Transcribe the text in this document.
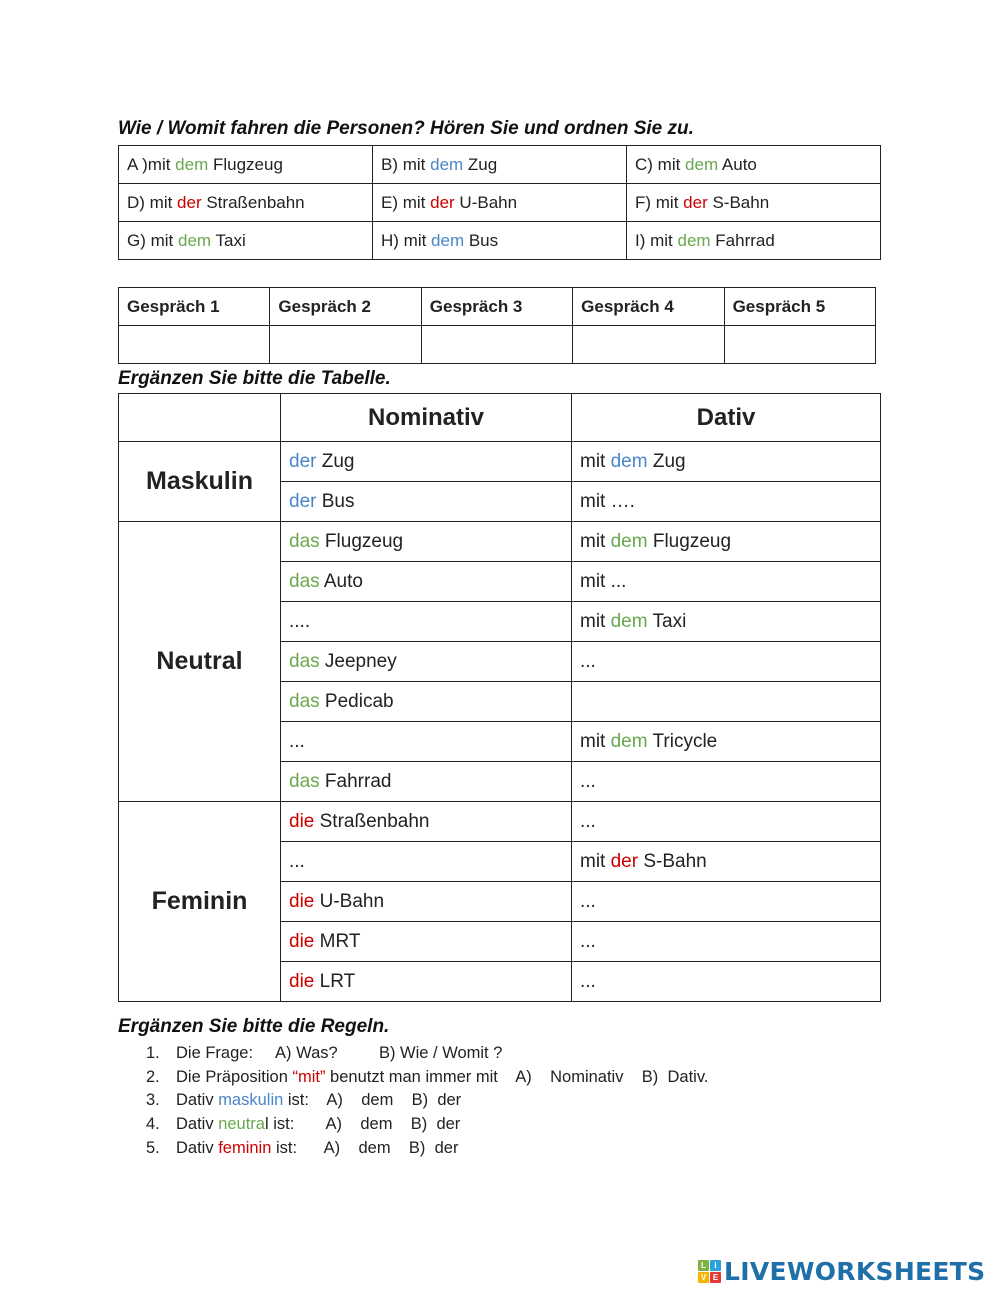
Wie / Womit fahren die Personen? Hören Sie und ordnen Sie zu.
A )mit dem Flugzeug	B) mit dem Zug	C) mit dem Auto
D) mit der Straßenbahn	E) mit der U-Bahn	F) mit der S-Bahn
G) mit dem Taxi	H) mit dem Bus	I) mit dem Fahrrad
Gespräch 1	Gespräch 2	Gespräch 3	Gespräch 4	Gespräch 5

Ergänzen Sie bitte die Tabelle.
	Nominativ	Dativ
Maskulin	der Zug	mit dem Zug
	der Bus	mit ….
Neutral	das Flugzeug	mit dem Flugzeug
	das Auto	mit ...
	....	mit dem Taxi
	das Jeepney	...
	das Pedicab	
	...	mit dem Tricycle
	das Fahrrad	...
Feminin	die Straßenbahn	...
	...	mit der S-Bahn
	die U-Bahn	...
	die MRT	...
	die LRT	...
Ergänzen Sie bitte die Regeln.
1. Die Frage:     A) Was?         B) Wie / Womit ?
2. Die Präposition “mit” benutzt man immer mit    A)    Nominativ    B)  Dativ.
3. Dativ maskulin ist:    A)    dem    B)  der
4. Dativ neutral ist:       A)    dem    B)  der
5. Dativ feminin ist:      A)    dem    B)  der
L	I
V E LIVEWORKSHEETS
